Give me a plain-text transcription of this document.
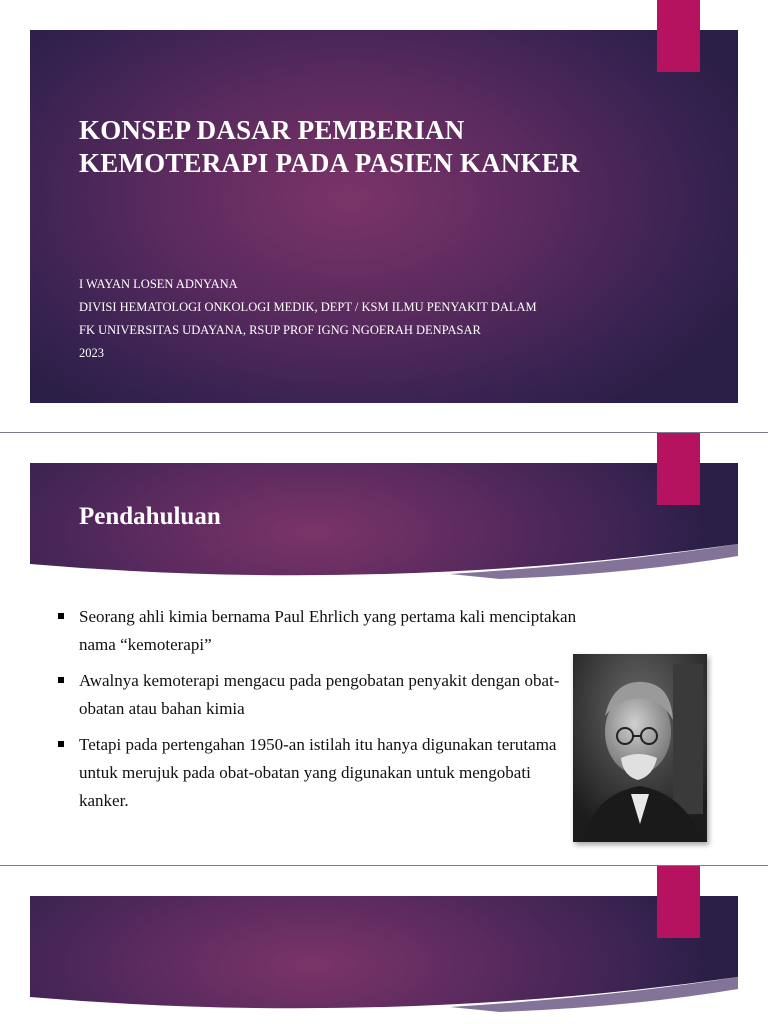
KONSEP DASAR PEMBERIAN
KEMOTERAPI PADA PASIEN KANKER
I WAYAN LOSEN ADNYANA
DIVISI HEMATOLOGI ONKOLOGI MEDIK, DEPT / KSM ILMU PENYAKIT DALAM
FK UNIVERSITAS UDAYANA, RSUP PROF IGNG NGOERAH DENPASAR
2023
Pendahuluan
Seorang ahli kimia bernama Paul Ehrlich yang pertama kali menciptakan nama “kemoterapi”
Awalnya kemoterapi mengacu pada pengobatan penyakit dengan obat-obatan atau bahan kimia
Tetapi pada pertengahan 1950-an istilah itu hanya digunakan terutama untuk merujuk pada obat-obatan yang digunakan untuk mengobati kanker.
